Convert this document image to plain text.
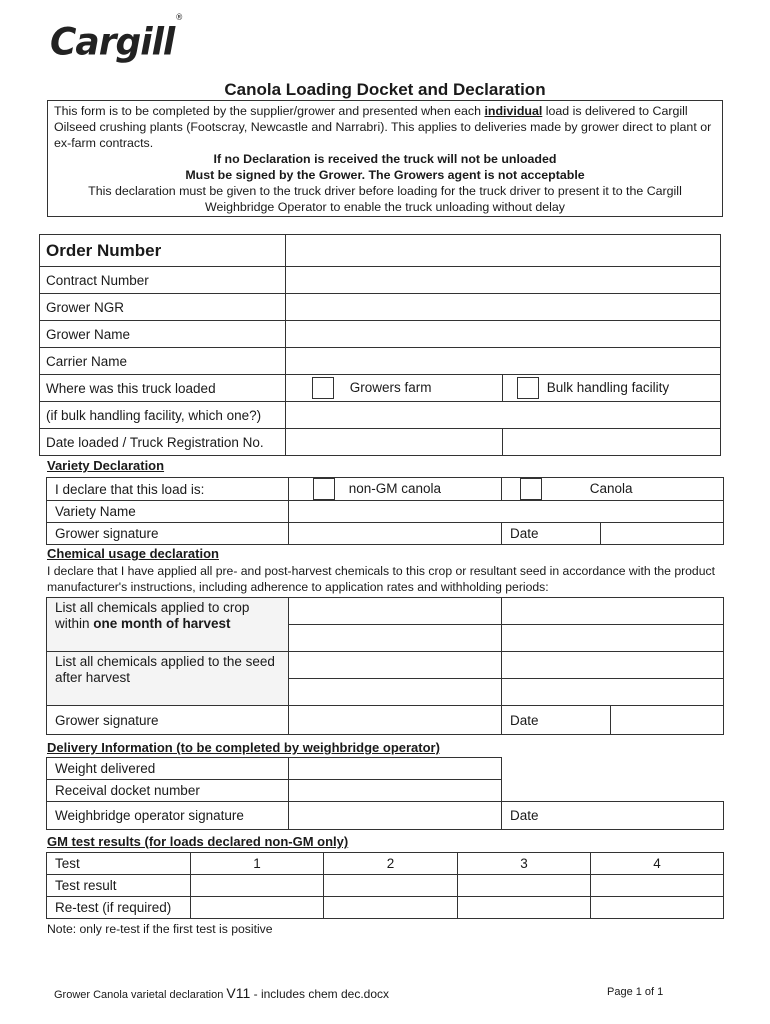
Cargill®
Canola Loading Docket and Declaration
This form is to be completed by the supplier/grower and presented when each individual load is delivered to Cargill Oilseed crushing plants (Footscray, Newcastle and Narrabri). This applies to deliveries made by grower direct to plant or ex-farm contracts.
If no Declaration is received the truck will not be unloaded
Must be signed by the Grower. The Growers agent is not acceptable
This declaration must be given to the truck driver before loading for the truck driver to present it to the Cargill Weighbridge Operator to enable the truck unloading without delay
Order Number		
Contract Number		
Grower NGR		
Grower Name		
Carrier Name		
Where was this truck loaded	Growers farm	Bulk handling facility
(if bulk handling facility, which one?)		
Date loaded / Truck Registration No.		
Variety Declaration
I declare that this load is:	non-GM canola	Canola	
Variety Name			
Grower signature		Date	
Chemical usage declaration
I declare that I have applied all pre- and post-harvest chemicals to this crop or resultant seed in accordance with the product manufacturer's instructions, including adherence to application rates and withholding periods:
List all chemicals applied to crop within one month of harvest			

List all chemicals applied to the seed after harvest			

Grower signature		Date	
Delivery Information (to be completed by weighbridge operator)
Weight delivered		
Receival docket number		
Weighbridge operator signature		Date
GM test results (for loads declared non-GM only)
Test	1	2	3	4
Test result				
Re-test (if required)				
Note: only re-test if the first test is positive
Grower Canola varietal declaration V11 - includes chem dec.docx	Page 1 of 1
